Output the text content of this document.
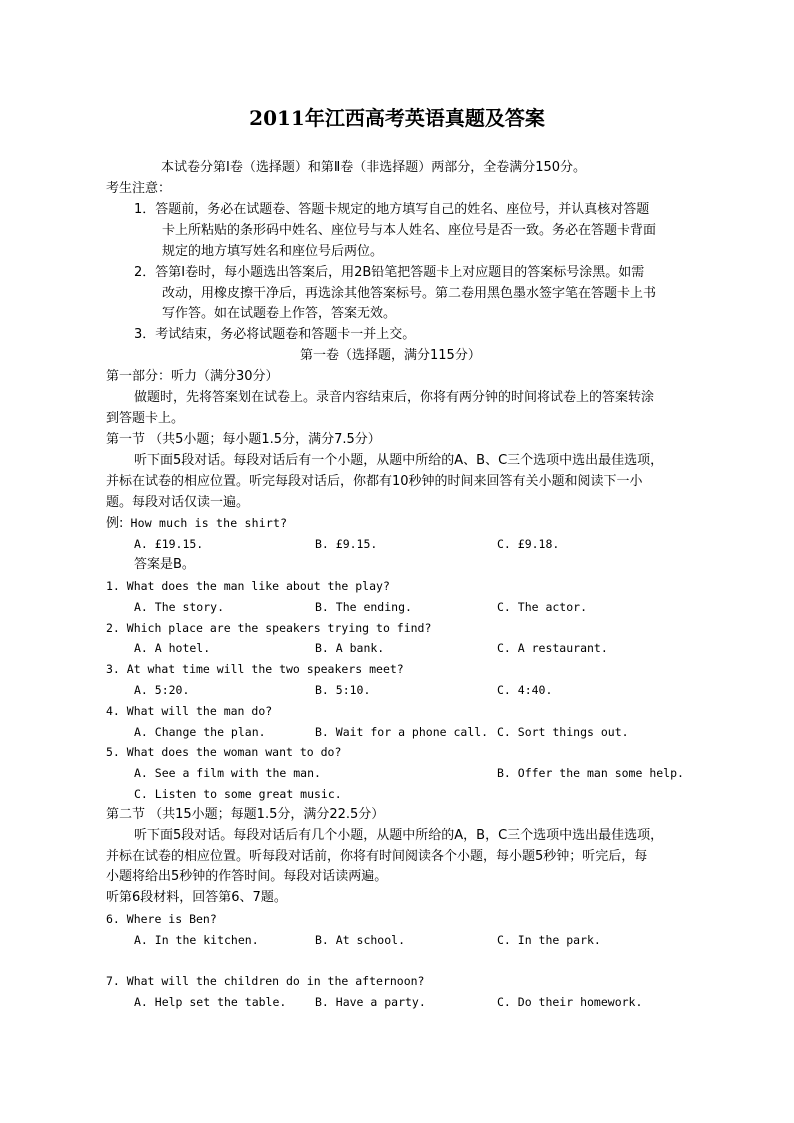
2011年江西高考英语真题及答案
本试卷分第Ⅰ卷（选择题）和第Ⅱ卷（非选择题）两部分，全卷满分150分。
考生注意：
1．答题前，务必在试题卷、答题卡规定的地方填写自己的姓名、座位号，并认真核对答题
卡上所粘贴的条形码中姓名、座位号与本人姓名、座位号是否一致。务必在答题卡背面
规定的地方填写姓名和座位号后两位。
2．答第Ⅰ卷时，每小题选出答案后，用2B铅笔把答题卡上对应题目的答案标号涂黑。如需
改动，用橡皮擦干净后，再选涂其他答案标号。第二卷用黑色墨水签字笔在答题卡上书
写作答。如在试题卷上作答，答案无效。
3．考试结束，务必将试题卷和答题卡一并上交。
第一卷（选择题，满分115分）
第一部分：听力（满分30分）
做题时，先将答案划在试卷上。录音内容结束后，你将有两分钟的时间将试卷上的答案转涂
到答题卡上。
第一节 （共5小题；每小题1.5分，满分7.5分）
听下面5段对话。每段对话后有一个小题，从题中所给的A、B、C三个选项中选出最佳选项，
并标在试卷的相应位置。听完每段对话后，你都有10秒钟的时间来回答有关小题和阅读下一小
题。每段对话仅读一遍。
例: How much is the shirt?
A. £19.15.	B. £9.15.	C. £9.18.
答案是B。
1. What does the man like about the play?
A. The story.	B. The ending.	C. The actor.
2. Which place are the speakers trying to find?
A. A hotel.	B. A bank.	C. A restaurant.
3. At what time will the two speakers meet?
A. 5:20.	B. 5:10.	C. 4:40.
4. What will the man do?
A. Change the plan.	B. Wait for a phone call. C. Sort things out.
5. What does the woman want to do?
A. See a film with the man.	B. Offer the man some help.
C. Listen to some great music.
第二节 （共15小题；每题1.5分，满分22.5分）
听下面5段对话。每段对话后有几个小题，从题中所给的A，B，C三个选项中选出最佳选项，
并标在试卷的相应位置。听每段对话前，你将有时间阅读各个小题，每小题5秒钟；听完后，每
小题将给出5秒钟的作答时间。每段对话读两遍。
听第6段材料，回答第6、7题。
6. Where is Ben?
A. In the kitchen.	B. At school.	C. In the park.
7. What will the children do in the afternoon?
A. Help set the table. B. Have a party.	C. Do their homework.
